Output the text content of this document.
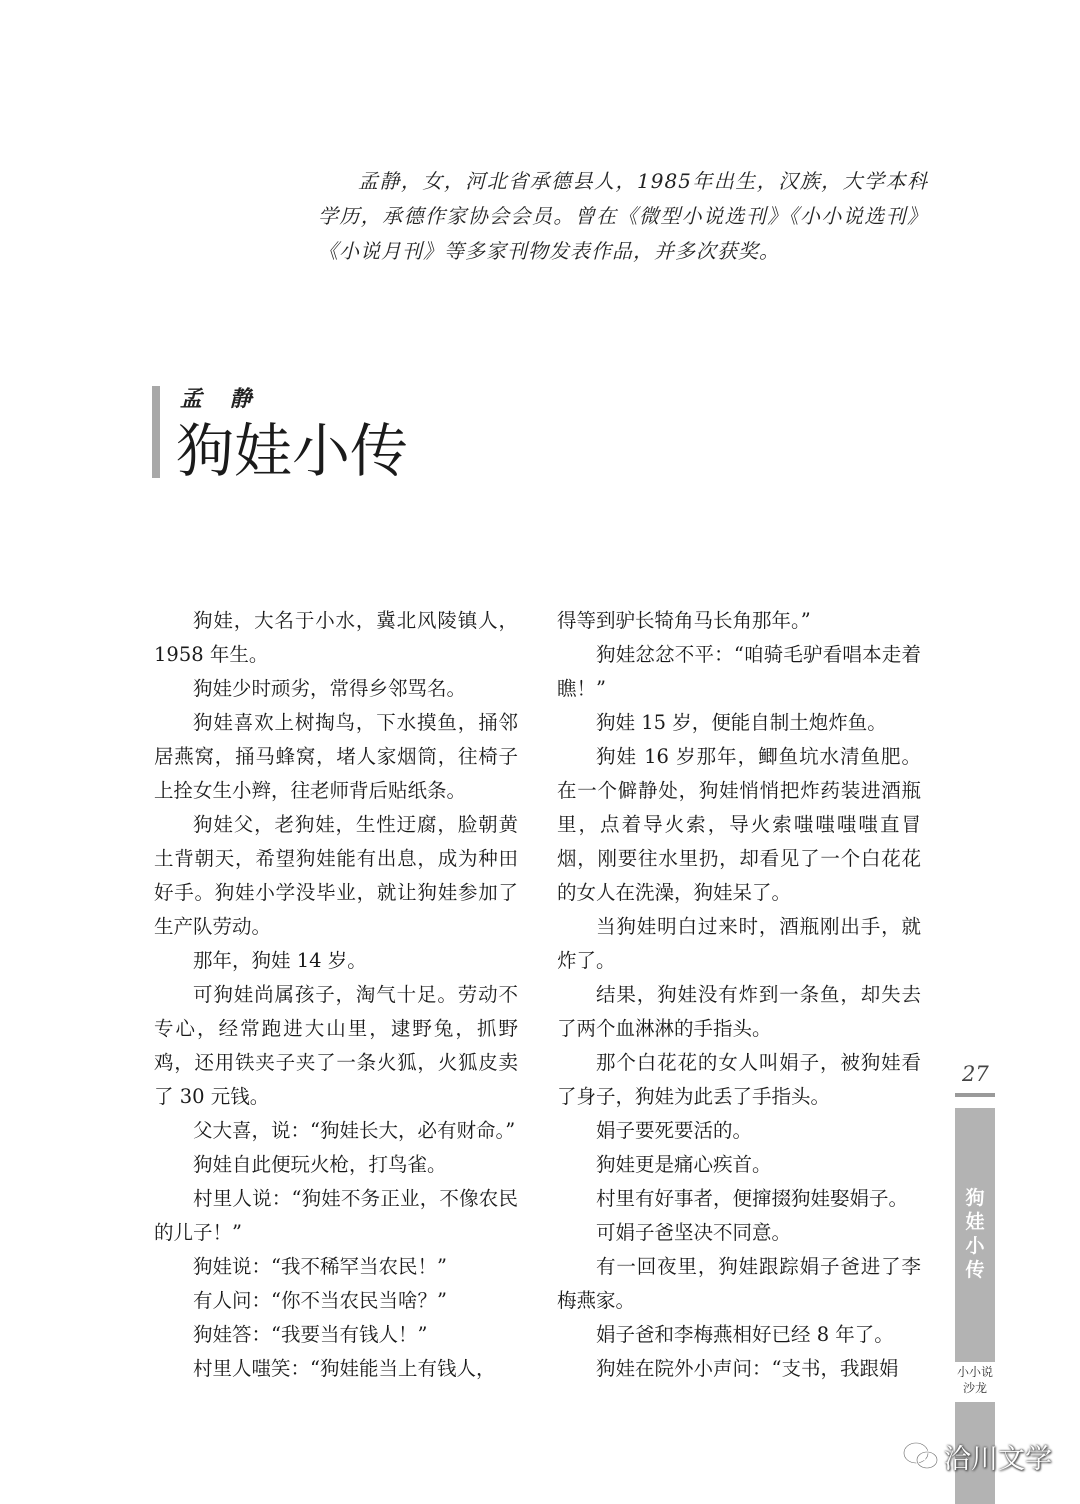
孟静，女，河北省承德县人，1985年出生，汉族，大学本科学历，承德作家协会会员。曾在《微型小说选刊》《小小说选刊》《小说月刊》等多家刊物发表作品，并多次获奖。

孟 静
狗娃小传

狗娃，大名于小水，冀北风陵镇人，1958 年生。

狗娃少时顽劣，常得乡邻骂名。

狗娃喜欢上树掏鸟，下水摸鱼，捅邻居燕窝，捅马蜂窝，堵人家烟筒，往椅子上拴女生小辫，往老师背后贴纸条。

狗娃父，老狗娃，生性迂腐，脸朝黄土背朝天，希望狗娃能有出息，成为种田好手。狗娃小学没毕业，就让狗娃参加了生产队劳动。

那年，狗娃 14 岁。

可狗娃尚属孩子，淘气十足。劳动不专心，经常跑进大山里，逮野兔，抓野鸡，还用铁夹子夹了一条火狐，火狐皮卖了 30 元钱。

父大喜，说：“狗娃长大，必有财命。”

狗娃自此便玩火枪，打鸟雀。

村里人说：“狗娃不务正业，不像农民的儿子！”

狗娃说：“我不稀罕当农民！”

有人问：“你不当农民当啥？”

狗娃答：“我要当有钱人！”

村里人嗤笑：“狗娃能当上有钱人，

得等到驴长犄角马长角那年。”

狗娃忿忿不平：“咱骑毛驴看唱本走着瞧！”

狗娃 15 岁，便能自制土炮炸鱼。

狗娃 16 岁那年，鲫鱼坑水清鱼肥。在一个僻静处，狗娃悄悄把炸药装进酒瓶里，点着导火索，导火索嗤嗤嗤嗤直冒烟，刚要往水里扔，却看见了一个白花花的女人在洗澡，狗娃呆了。

当狗娃明白过来时，酒瓶刚出手，就炸了。

结果，狗娃没有炸到一条鱼，却失去了两个血淋淋的手指头。

那个白花花的女人叫娟子，被狗娃看了身子，狗娃为此丢了手指头。

娟子要死要活的。

狗娃更是痛心疾首。

村里有好事者，便撺掇狗娃娶娟子。

可娟子爸坚决不同意。

有一回夜里，狗娃跟踪娟子爸进了李梅燕家。

娟子爸和李梅燕相好已经 8 年了。

狗娃在院外小声问：“支书，我跟娟

27
狗娃小传
小小说
沙龙
洽川文学
